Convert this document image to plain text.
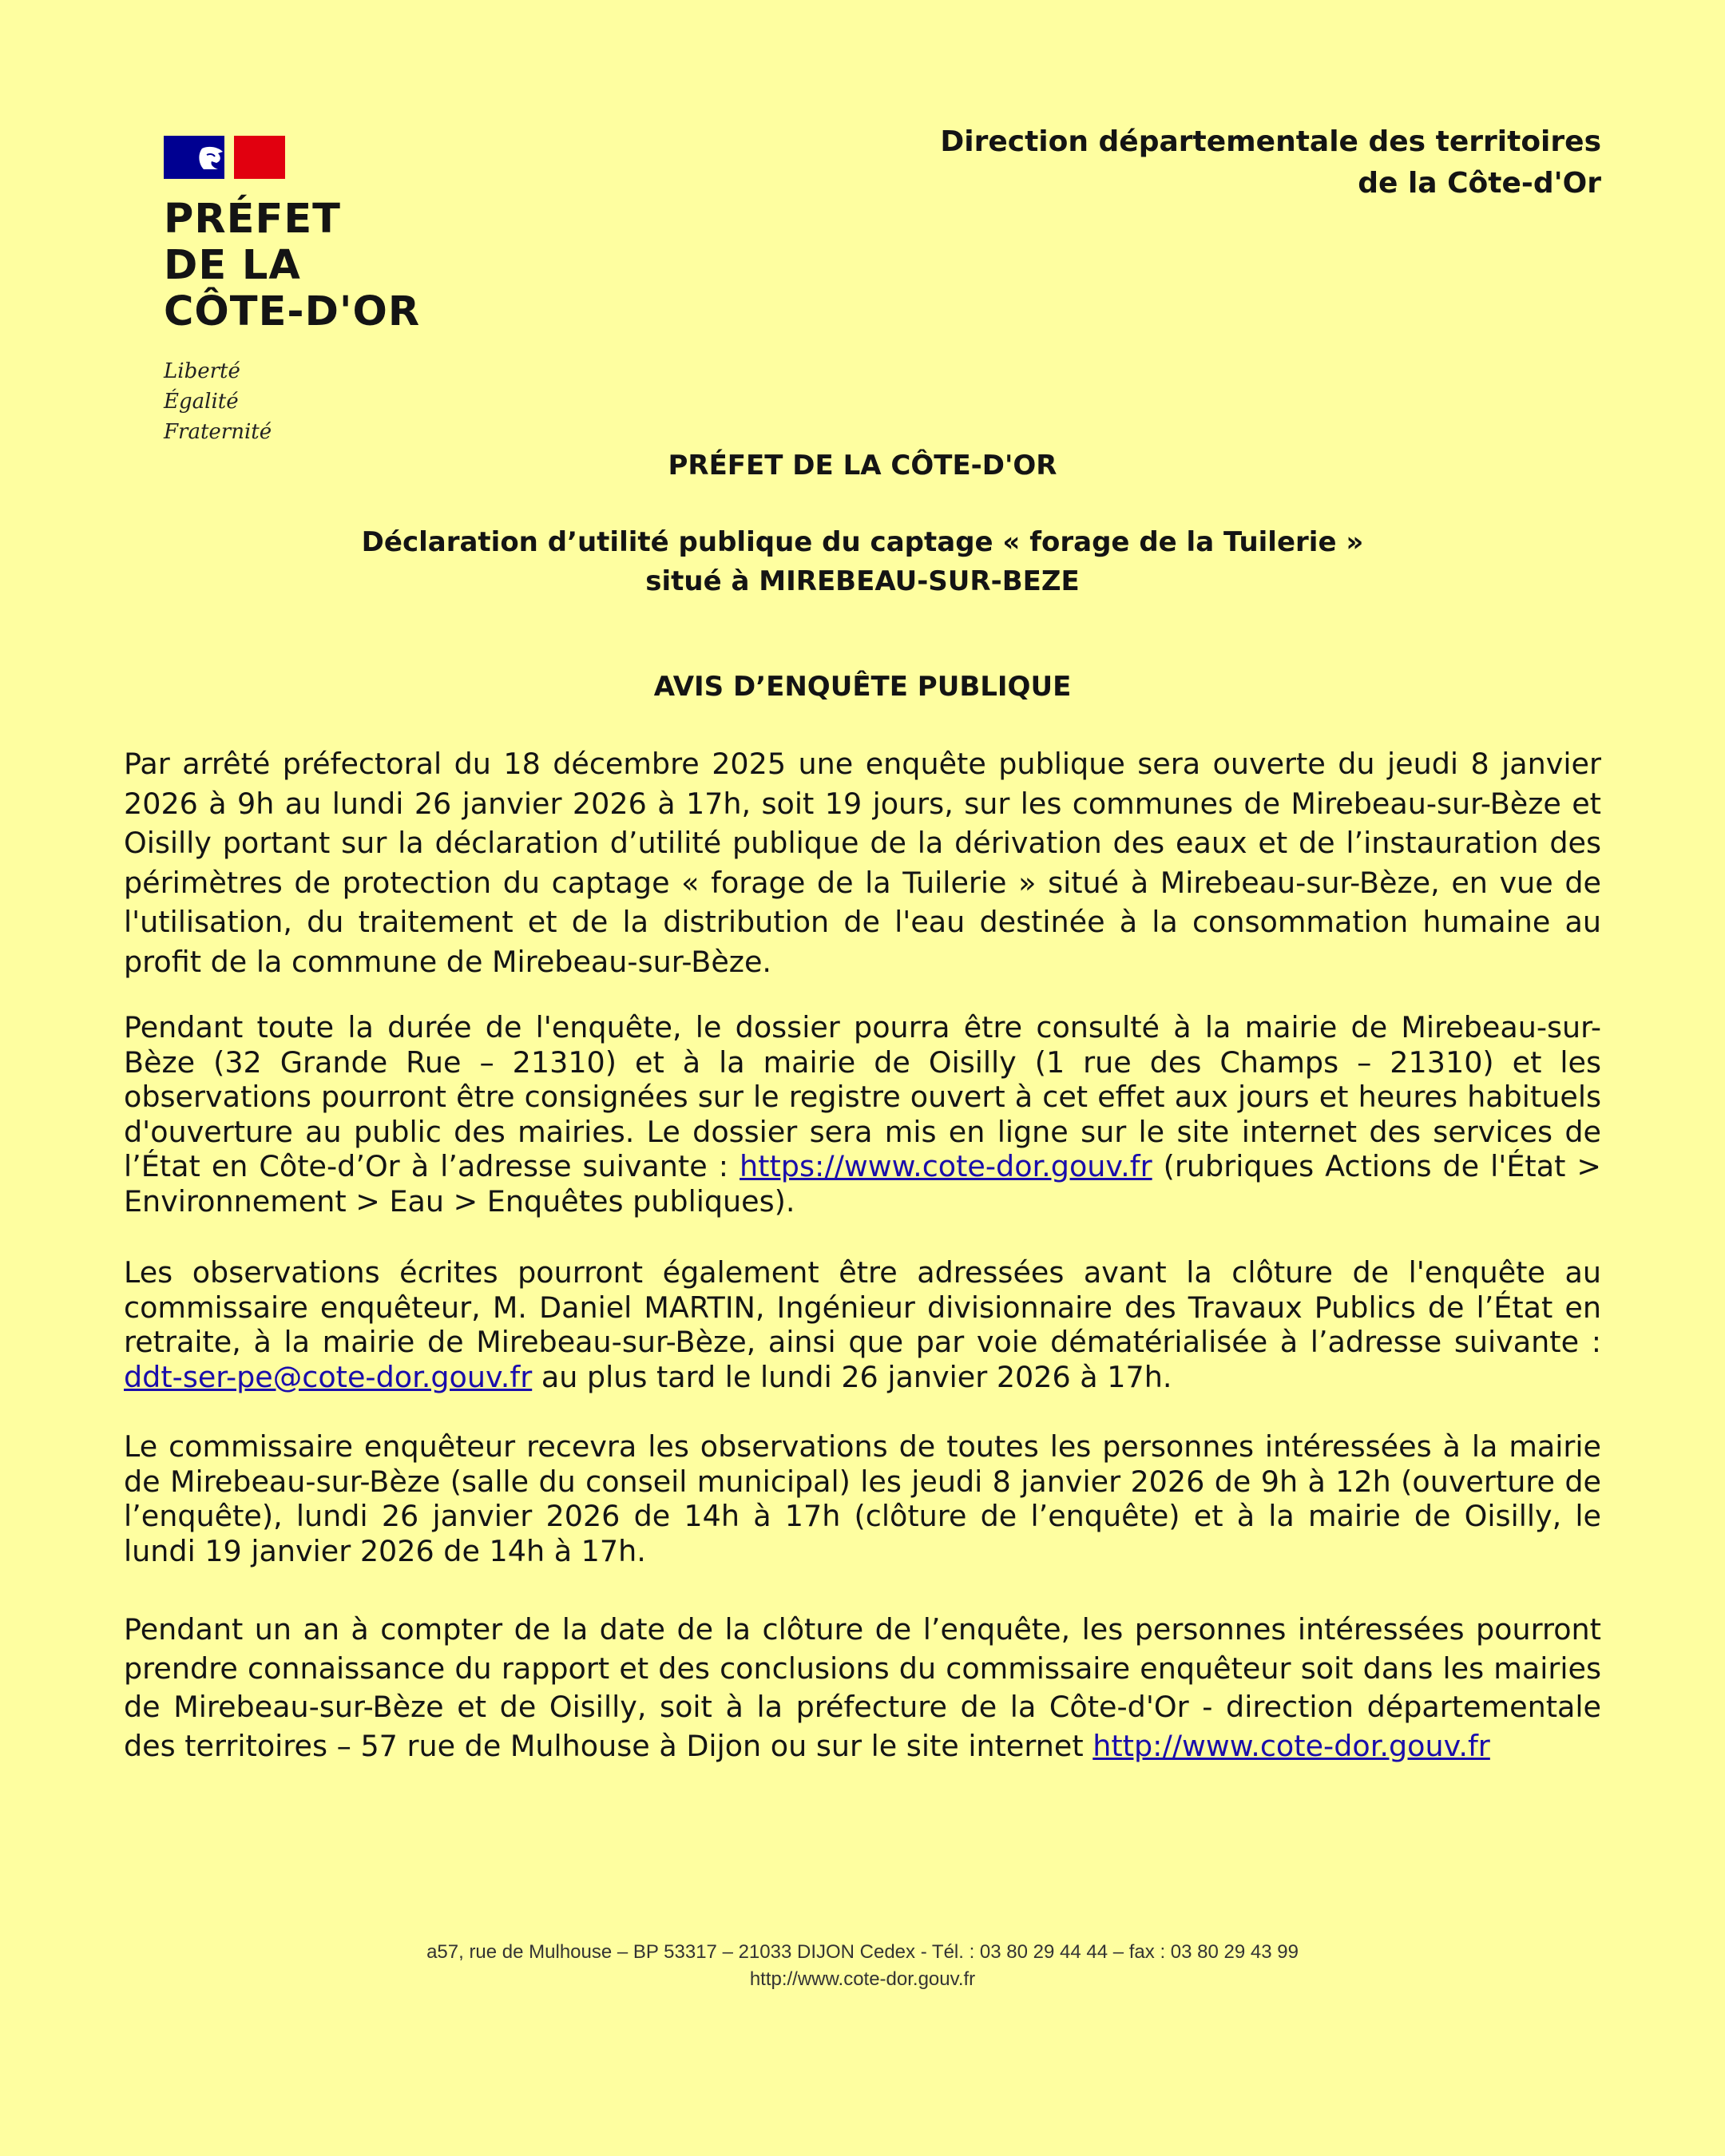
PRÉFET
DE LA
CÔTE-D'OR
Liberté
Égalité
Fraternité
Direction départementale des territoires
de la Côte-d'Or
PRÉFET DE LA CÔTE-D'OR
Déclaration d’utilité publique du captage « forage de la Tuilerie »
situé à MIREBEAU-SUR-BEZE
AVIS D’ENQUÊTE PUBLIQUE
Par arrêté préfectoral du 18 décembre 2025 une enquête publique sera ouverte du jeudi 8 janvier 2026 à 9h au lundi 26 janvier 2026 à 17h, soit 19 jours, sur les communes de Mirebeau-sur-Bèze et Oisilly portant sur la déclaration d’utilité publique de la dérivation des eaux et de l’instauration des périmètres de protection du captage « forage de la Tuilerie » situé à Mirebeau-sur-Bèze, en vue de l'utilisation, du traitement et de la distribution de l'eau destinée à la consommation humaine au profit de la commune de Mirebeau-sur-Bèze.
Pendant toute la durée de l'enquête, le dossier pourra être consulté à la mairie de Mirebeau-sur-Bèze (32 Grande Rue – 21310) et à la mairie de Oisilly (1 rue des Champs – 21310) et les observations pourront être consignées sur le registre ouvert à cet effet aux jours et heures habituels d'ouverture au public des mairies. Le dossier sera mis en ligne sur le site internet des services de l’État en Côte-d’Or à l’adresse suivante : https://www.cote-dor.gouv.fr (rubriques Actions de l'État > Environnement > Eau > Enquêtes publiques).
Les observations écrites pourront également être adressées avant la clôture de l'enquête au commissaire enquêteur, M. Daniel MARTIN, Ingénieur divisionnaire des Travaux Publics de l’État en retraite, à la mairie de Mirebeau-sur-Bèze, ainsi que par voie dématérialisée à l’adresse suivante : ddt-ser-pe@cote-dor.gouv.fr au plus tard le lundi 26 janvier 2026 à 17h.
Le commissaire enquêteur recevra les observations de toutes les personnes intéressées à la mairie de Mirebeau-sur-Bèze (salle du conseil municipal) les jeudi 8 janvier 2026 de 9h à 12h (ouverture de l’enquête), lundi 26 janvier 2026 de 14h à 17h (clôture de l’enquête) et à la mairie de Oisilly, le lundi 19 janvier 2026 de 14h à 17h.
Pendant un an à compter de la date de la clôture de l’enquête, les personnes intéressées pourront prendre connaissance du rapport et des conclusions du commissaire enquêteur soit dans les mairies de Mirebeau-sur-Bèze et de Oisilly, soit à la préfecture de la Côte-d'Or - direction départementale des territoires – 57 rue de Mulhouse à Dijon ou sur le site internet http://www.cote-dor.gouv.fr
a57, rue de Mulhouse – BP 53317 – 21033 DIJON Cedex - Tél. : 03 80 29 44 44 – fax : 03 80 29 43 99
http://www.cote-dor.gouv.fr
